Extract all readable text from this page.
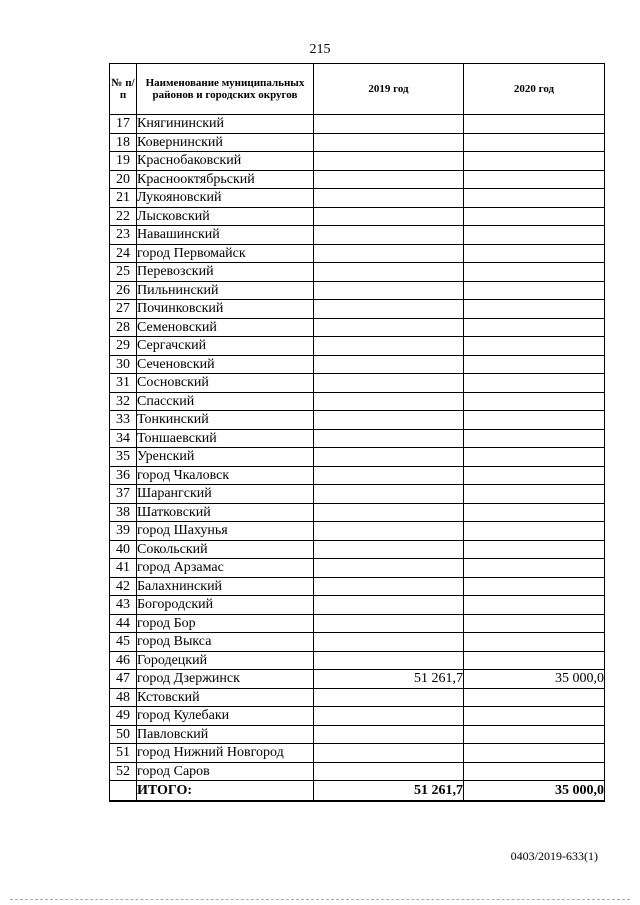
215
№ п/п	Наименование муниципальных районов и городских округов	2019 год	2020 год
17	Княгининский		
18	Ковернинский		
19	Краснобаковский		
20	Краснооктябрьский		
21	Лукояновский		
22	Лысковский		
23	Навашинский		
24	город Первомайск		
25	Перевозский		
26	Пильнинский		
27	Починковский		
28	Семеновский		
29	Сергачский		
30	Сеченовский		
31	Сосновский		
32	Спасский		
33	Тонкинский		
34	Тоншаевский		
35	Уренский		
36	город Чкаловск		
37	Шарангский		
38	Шатковский		
39	город Шахунья		
40	Сокольский		
41	город Арзамас		
42	Балахнинский		
43	Богородский		
44	город Бор		
45	город Выкса		
46	Городецкий		
47	город Дзержинск	51 261,7	35 000,0
48	Кстовский		
49	город Кулебаки		
50	Павловский		
51	город Нижний Новгород		
52	город Саров		
	ИТОГО:	51 261,7	35 000,0
0403/2019-633(1)
